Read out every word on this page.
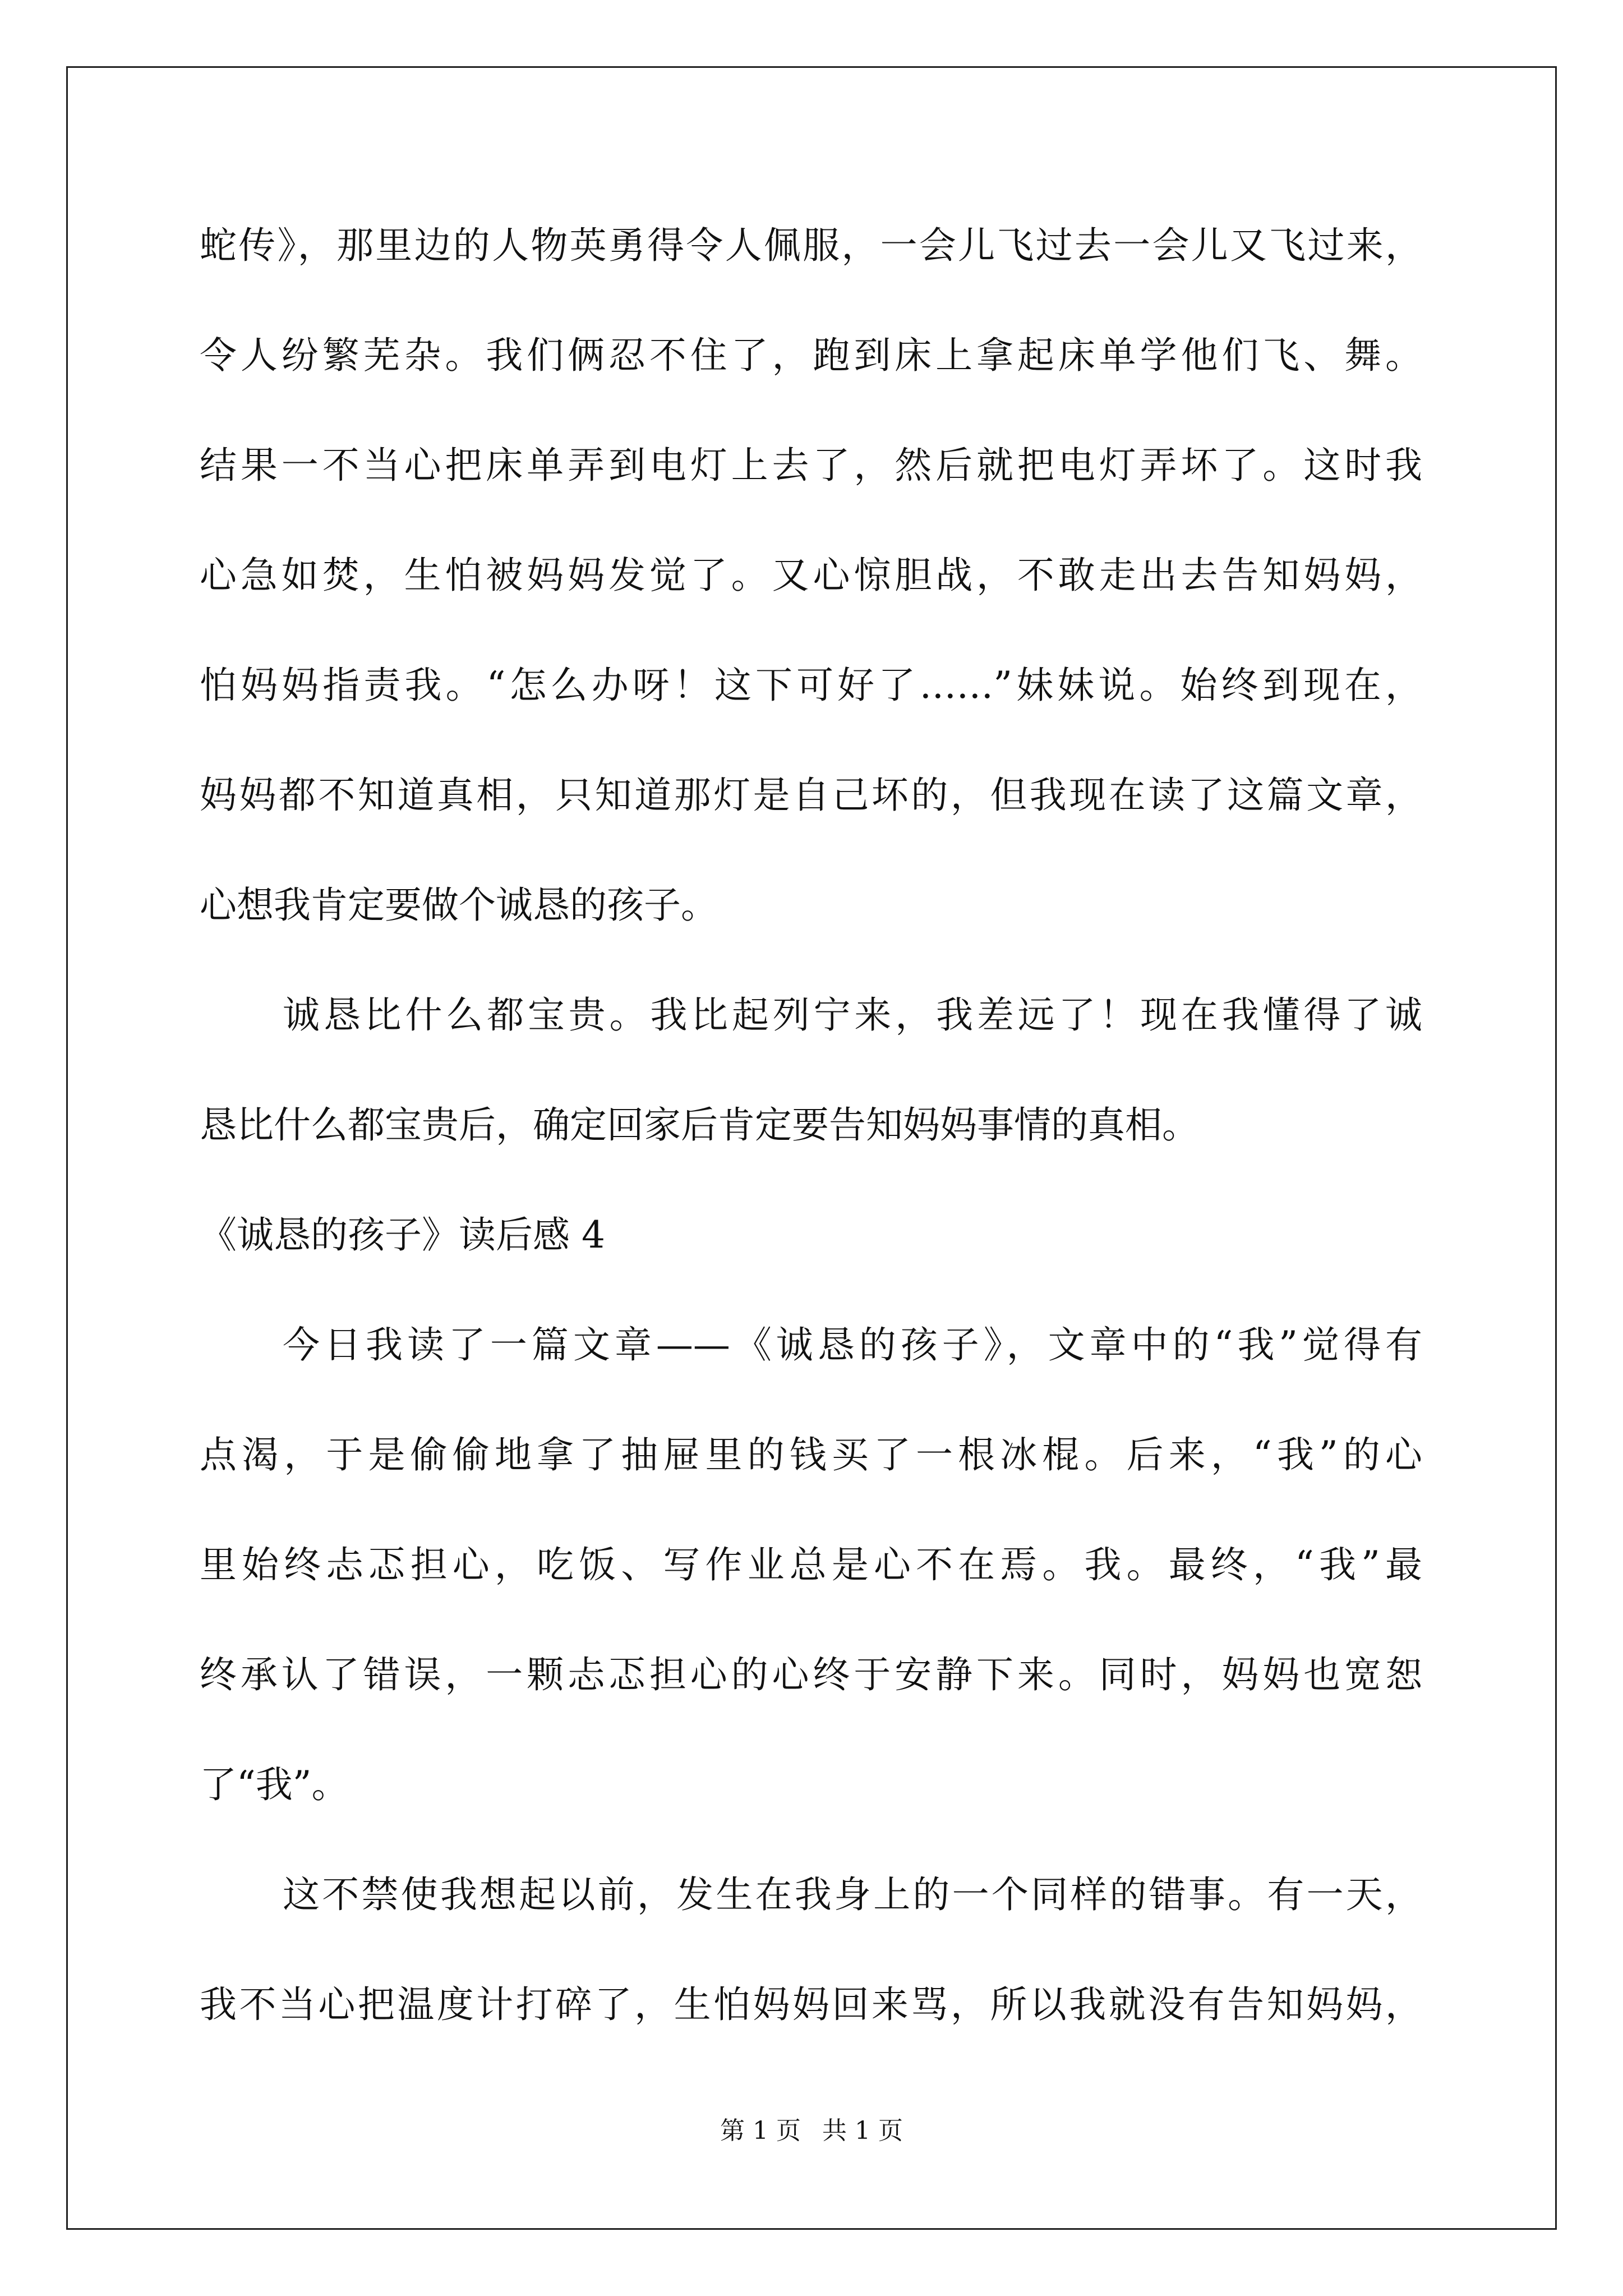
蛇传》，那里边的人物英勇得令人佩服，一会儿飞过去一会儿又飞过来，
令人纷繁芜杂。我们俩忍不住了，跑到床上拿起床单学他们飞、舞。
结果一不当心把床单弄到电灯上去了，然后就把电灯弄坏了。这时我
心急如焚，生怕被妈妈发觉了。又心惊胆战，不敢走出去告知妈妈，
怕妈妈指责我。“怎么办呀！这下可好了……”妹妹说。始终到现在，
妈妈都不知道真相，只知道那灯是自己坏的，但我现在读了这篇文章，
心想我肯定要做个诚恳的孩子。
诚恳比什么都宝贵。我比起列宁来，我差远了！现在我懂得了诚
恳比什么都宝贵后，确定回家后肯定要告知妈妈事情的真相。
《诚恳的孩子》读后感 4
今日我读了一篇文章——《诚恳的孩子》，文章中的“我”觉得有
点渴，于是偷偷地拿了抽屉里的钱买了一根冰棍。后来，“我”的心
里始终忐忑担心，吃饭、写作业总是心不在焉。我。最终，“我”最
终承认了错误，一颗忐忑担心的心终于安静下来。同时，妈妈也宽恕
了“我”。
这不禁使我想起以前，发生在我身上的一个同样的错事。有一天，
我不当心把温度计打碎了，生怕妈妈回来骂，所以我就没有告知妈妈，
第 1 页 共 1 页
